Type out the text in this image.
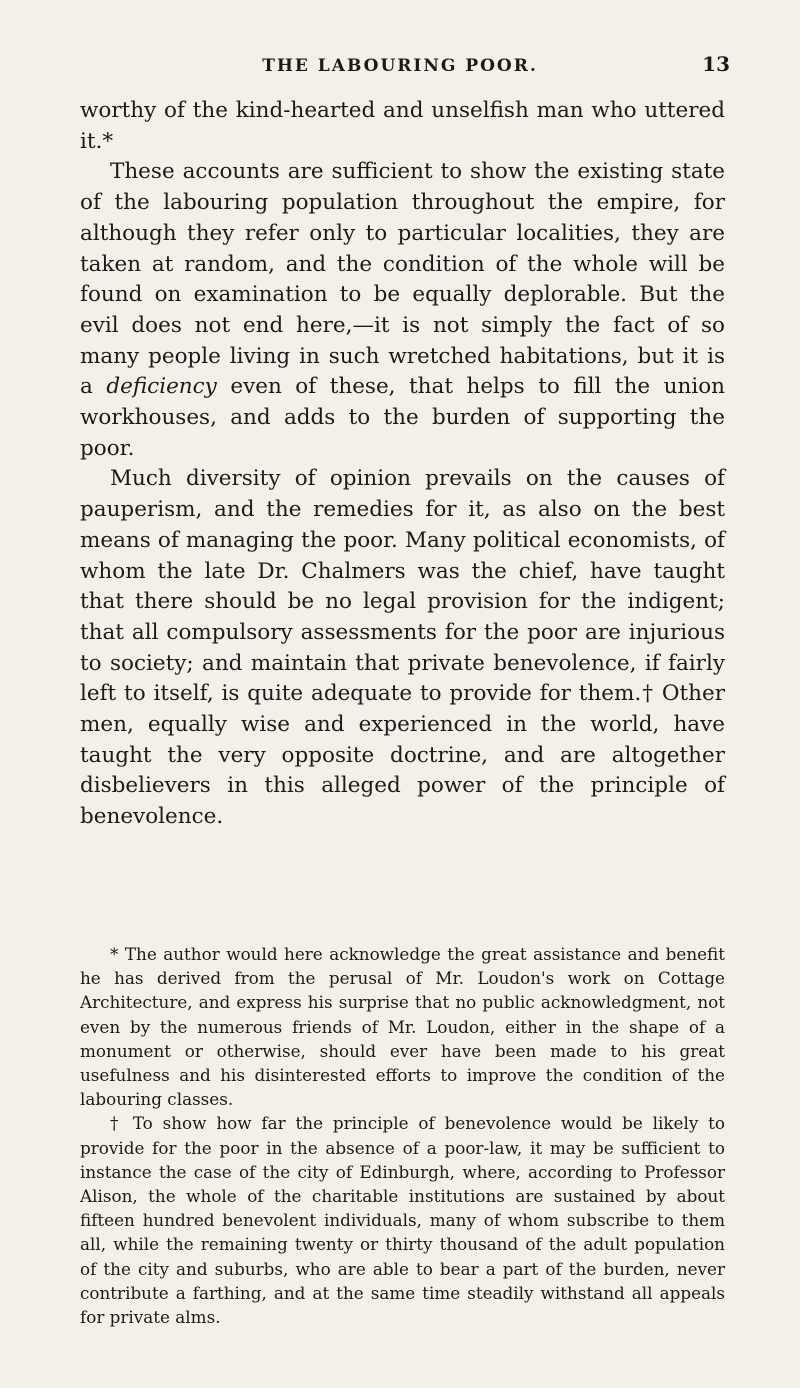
THE LABOURING POOR.	13

worthy of the kind-hearted and unselfish man who uttered it.*

These accounts are sufficient to show the existing state of the labouring population throughout the empire, for although they refer only to particular localities, they are taken at random, and the condition of the whole will be found on examination to be equally deplorable. But the evil does not end here,—it is not simply the fact of so many people living in such wretched habitations, but it is a deficiency even of these, that helps to fill the union workhouses, and adds to the burden of supporting the poor.

Much diversity of opinion prevails on the causes of pauperism, and the remedies for it, as also on the best means of managing the poor. Many political economists, of whom the late Dr. Chalmers was the chief, have taught that there should be no legal provision for the indigent; that all compulsory assessments for the poor are injurious to society; and maintain that private benevolence, if fairly left to itself, is quite adequate to provide for them.† Other men, equally wise and experienced in the world, have taught the very opposite doctrine, and are altogether disbelievers in this alleged power of the principle of benevolence.

* The author would here acknowledge the great assistance and benefit he has derived from the perusal of Mr. Loudon's work on Cottage Architecture, and express his surprise that no public acknowledgment, not even by the numerous friends of Mr. Loudon, either in the shape of a monument or otherwise, should ever have been made to his great usefulness and his disinterested efforts to improve the condition of the labouring classes.

† To show how far the principle of benevolence would be likely to provide for the poor in the absence of a poor-law, it may be sufficient to instance the case of the city of Edinburgh, where, according to Professor Alison, the whole of the charitable institutions are sustained by about fifteen hundred benevolent individuals, many of whom subscribe to them all, while the remaining twenty or thirty thousand of the adult population of the city and suburbs, who are able to bear a part of the burden, never contribute a farthing, and at the same time steadily withstand all appeals for private alms.
